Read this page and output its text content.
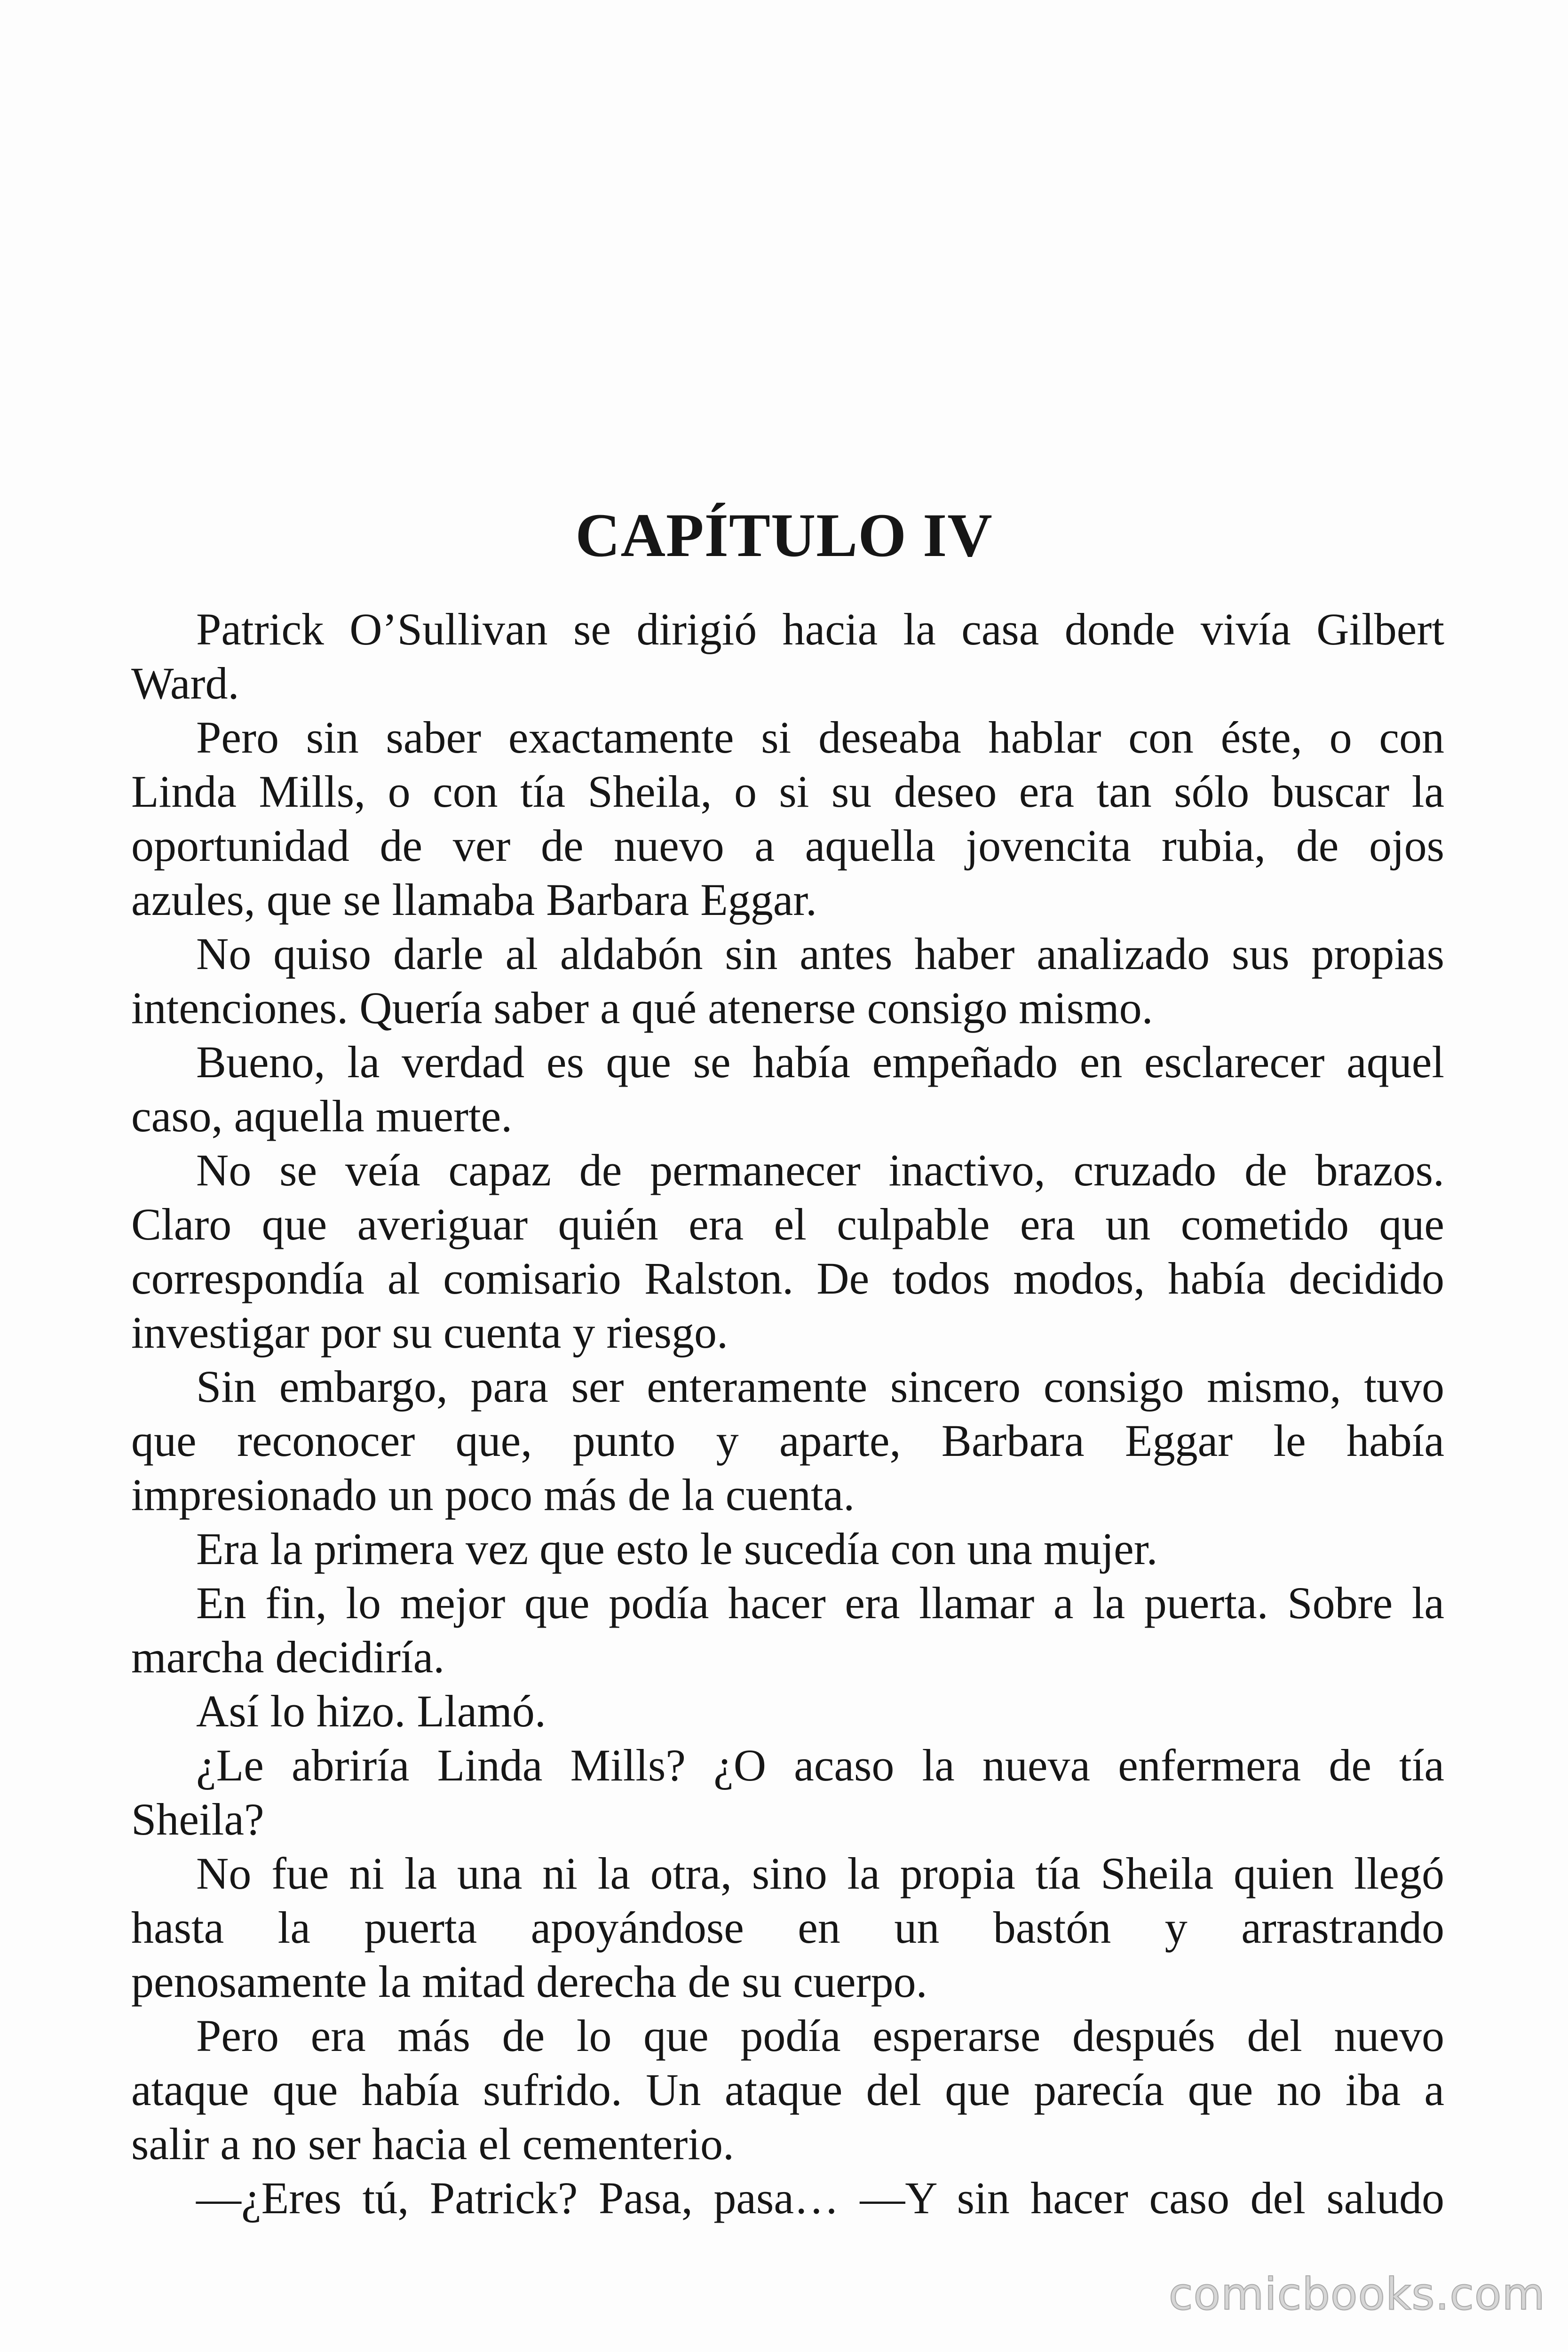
CAPÍTULO IV
Patrick O’Sullivan se dirigió hacia la casa donde vivía Gilbert
Ward.
Pero sin saber exactamente si deseaba hablar con éste, o con
Linda Mills, o con tía Sheila, o si su deseo era tan sólo buscar la
oportunidad de ver de nuevo a aquella jovencita rubia, de ojos
azules, que se llamaba Barbara Eggar.
No quiso darle al aldabón sin antes haber analizado sus propias
intenciones. Quería saber a qué atenerse consigo mismo.
Bueno, la verdad es que se había empeñado en esclarecer aquel
caso, aquella muerte.
No se veía capaz de permanecer inactivo, cruzado de brazos.
Claro que averiguar quién era el culpable era un cometido que
correspondía al comisario Ralston. De todos modos, había decidido
investigar por su cuenta y riesgo.
Sin embargo, para ser enteramente sincero consigo mismo, tuvo
que reconocer que, punto y aparte, Barbara Eggar le había
impresionado un poco más de la cuenta.
Era la primera vez que esto le sucedía con una mujer.
En fin, lo mejor que podía hacer era llamar a la puerta. Sobre la
marcha decidiría.
Así lo hizo. Llamó.
¿Le abriría Linda Mills? ¿O acaso la nueva enfermera de tía
Sheila?
No fue ni la una ni la otra, sino la propia tía Sheila quien llegó
hasta la puerta apoyándose en un bastón y arrastrando
penosamente la mitad derecha de su cuerpo.
Pero era más de lo que podía esperarse después del nuevo
ataque que había sufrido. Un ataque del que parecía que no iba a
salir a no ser hacia el cementerio.
—¿Eres tú, Patrick? Pasa, pasa… —Y sin hacer caso del saludo
comicbooks.com
